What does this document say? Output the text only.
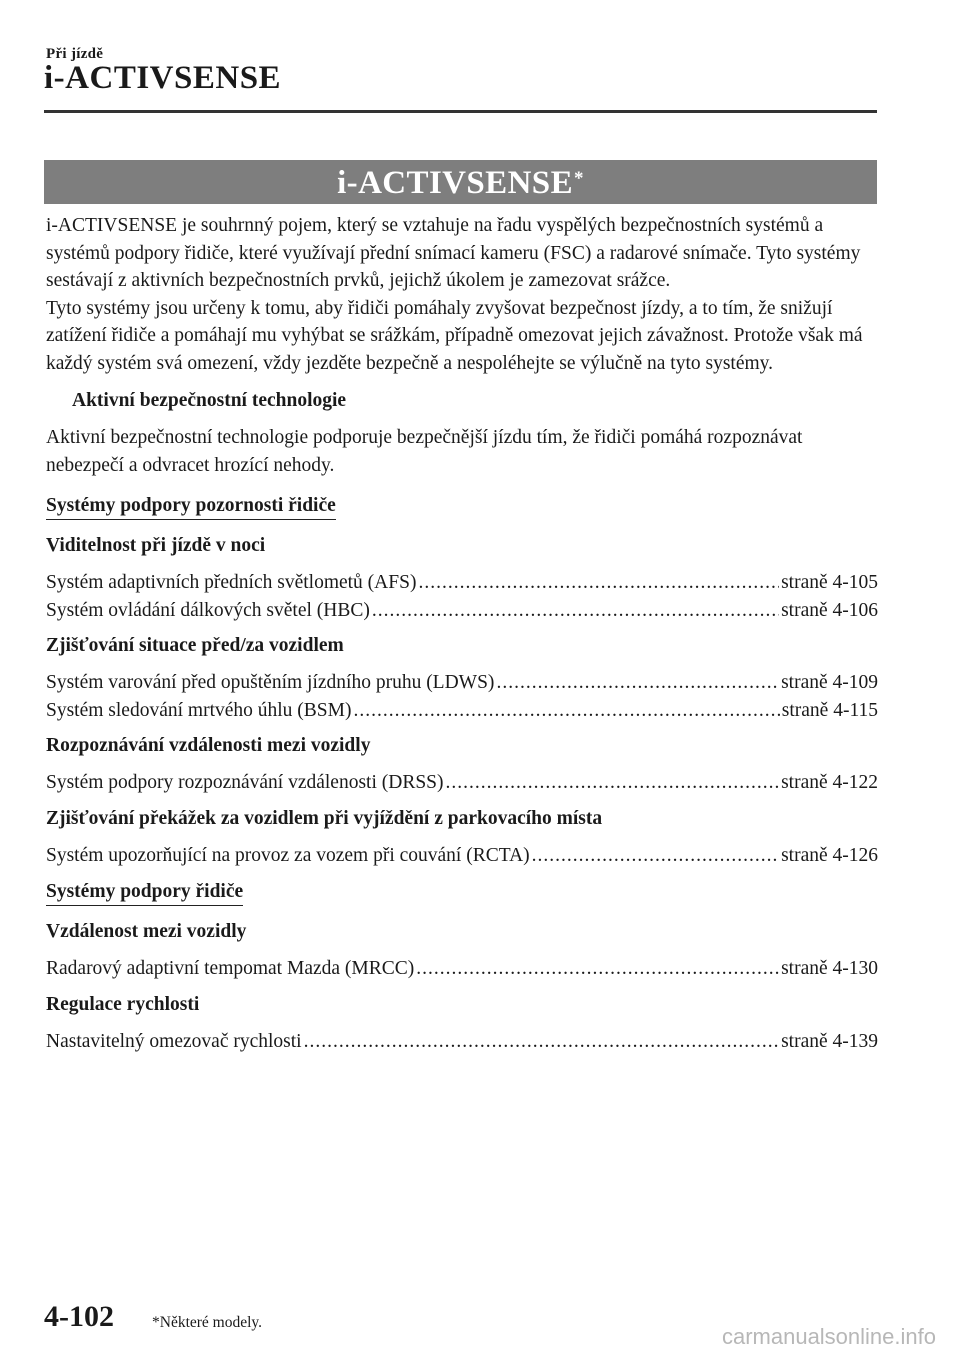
Při jízdě
i-ACTIVSENSE
i-ACTIVSENSE*

i-ACTIVSENSE je souhrnný pojem, který se vztahuje na řadu vyspělých bezpečnostních systémů a systémů podpory řidiče, které využívají přední snímací kameru (FSC) a radarové snímače. Tyto systémy sestávají z aktivních bezpečnostních prvků, jejichž úkolem je zamezovat srážce.

Tyto systémy jsou určeny k tomu, aby řidiči pomáhaly zvyšovat bezpečnost jízdy, a to tím, že snižují zatížení řidiče a pomáhají mu vyhýbat se srážkám, případně omezovat jejich závažnost. Protože však má každý systém svá omezení, vždy jezděte bezpečně a nespoléhejte se výlučně na tyto systémy.

Aktivní bezpečnostní technologie

Aktivní bezpečnostní technologie podporuje bezpečnější jízdu tím, že řidiči pomáhá rozpoznávat nebezpečí a odvracet hrozící nehody.

Systémy podpory pozornosti řidiče
Viditelnost při jízdě v noci
Systém adaptivních předních světlometů (AFS) .....	straně 4-105
Systém ovládání dálkových světel (HBC) .....	straně 4-106
Zjišťování situace před/za vozidlem
Systém varování před opuštěním jízdního pruhu (LDWS) .....	straně 4-109
Systém sledování mrtvého úhlu (BSM) .....	straně 4-115
Rozpoznávání vzdálenosti mezi vozidly
Systém podpory rozpoznávání vzdálenosti (DRSS) .....	straně 4-122
Zjišťování překážek za vozidlem při vyjíždění z parkovacího místa
Systém upozorňující na provoz za vozem při couvání (RCTA) .....	straně 4-126
Systémy podpory řidiče
Vzdálenost mezi vozidly
Radarový adaptivní tempomat Mazda (MRCC) .....	straně 4-130
Regulace rychlosti
Nastavitelný omezovač rychlosti .....	straně 4-139
4-102 *Některé modely.
carmanualsonline.info
